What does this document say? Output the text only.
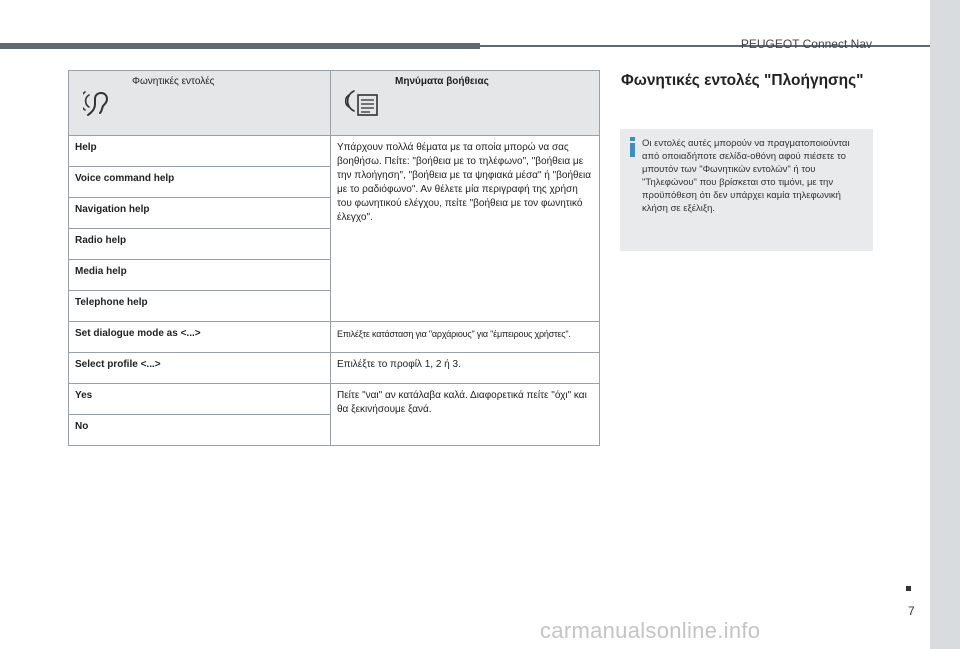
PEUGEOT Connect Nav
Φωνητικές εντολές	Μηνύματα βοήθειας

Help	Υπάρχουν πολλά θέματα με τα οποία μπορώ να σας βοηθήσω. Πείτε: "βοήθεια με το τηλέφωνο", "βοήθεια με την πλοήγηση", "βοήθεια με τα ψηφιακά μέσα" ή "βοήθεια με το ραδιόφωνο". Αν θέλετε μία περιγραφή της χρήση του φωνητικού ελέγχου, πείτε "βοήθεια με τον φωνητικό έλεγχο".
Voice command help	
Navigation help	
Radio help	
Media help	
Telephone help	
Set dialogue mode as <...>	Επιλέξτε κατάσταση για "αρχάριους" για "έμπειρους χρήστες".
Select profile <...>	Επιλέξτε το προφίλ 1, 2 ή 3.
Yes	Πείτε "ναι" αν κατάλαβα καλά. Διαφορετικά πείτε "όχι" και θα ξεκινήσουμε ξανά.
No	
Φωνητικές εντολές "Πλοήγησης"
Οι εντολές αυτές μπορούν να πραγματοποιούνται από οποιαδήποτε σελίδα-οθόνη αφού πιέσετε το μπουτόν των "Φωνητικών εντολών" ή του "Τηλεφώνου" που βρίσκεται στο τιμόνι, με την προϋπόθεση ότι δεν υπάρχει καμία τηλεφωνική κλήση σε εξέλιξη.
7
carmanualsonline.info
